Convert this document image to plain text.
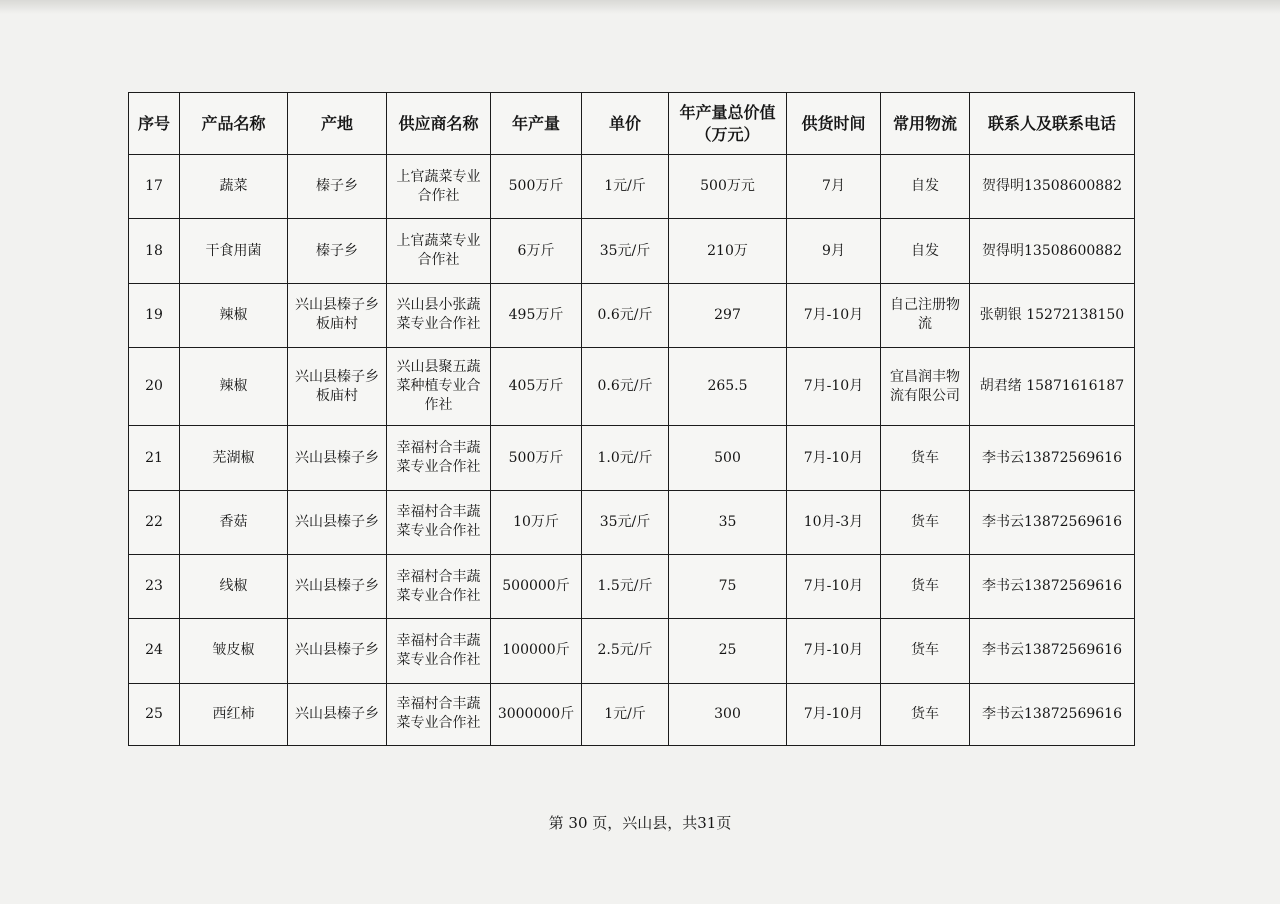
序号	产品名称	产地	供应商名称	年产量	单价	年产量总价值（万元）	供货时间	常用物流	联系人及联系电话
17	蔬菜	榛子乡	上官蔬菜专业合作社	500万斤	1元/斤	500万元	7月	自发	贺得明13508600882
18	干食用菌	榛子乡	上官蔬菜专业合作社	6万斤	35元/斤	210万	9月	自发	贺得明13508600882
19	辣椒	兴山县榛子乡板庙村	兴山县小张蔬菜专业合作社	495万斤	0.6元/斤	297	7月-10月	自己注册物流	张朝银 15272138150
20	辣椒	兴山县榛子乡板庙村	兴山县聚五蔬菜种植专业合作社	405万斤	0.6元/斤	265.5	7月-10月	宜昌润丰物流有限公司	胡君绪 15871616187
21	芜湖椒	兴山县榛子乡	幸福村合丰蔬菜专业合作社	500万斤	1.0元/斤	500	7月-10月	货车	李书云13872569616
22	香菇	兴山县榛子乡	幸福村合丰蔬菜专业合作社	10万斤	35元/斤	35	10月-3月	货车	李书云13872569616
23	线椒	兴山县榛子乡	幸福村合丰蔬菜专业合作社	500000斤	1.5元/斤	75	7月-10月	货车	李书云13872569616
24	皱皮椒	兴山县榛子乡	幸福村合丰蔬菜专业合作社	100000斤	2.5元/斤	25	7月-10月	货车	李书云13872569616
25	西红柿	兴山县榛子乡	幸福村合丰蔬菜专业合作社	3000000斤	1元/斤	300	7月-10月	货车	李书云13872569616
第 30 页，兴山县，共31页
